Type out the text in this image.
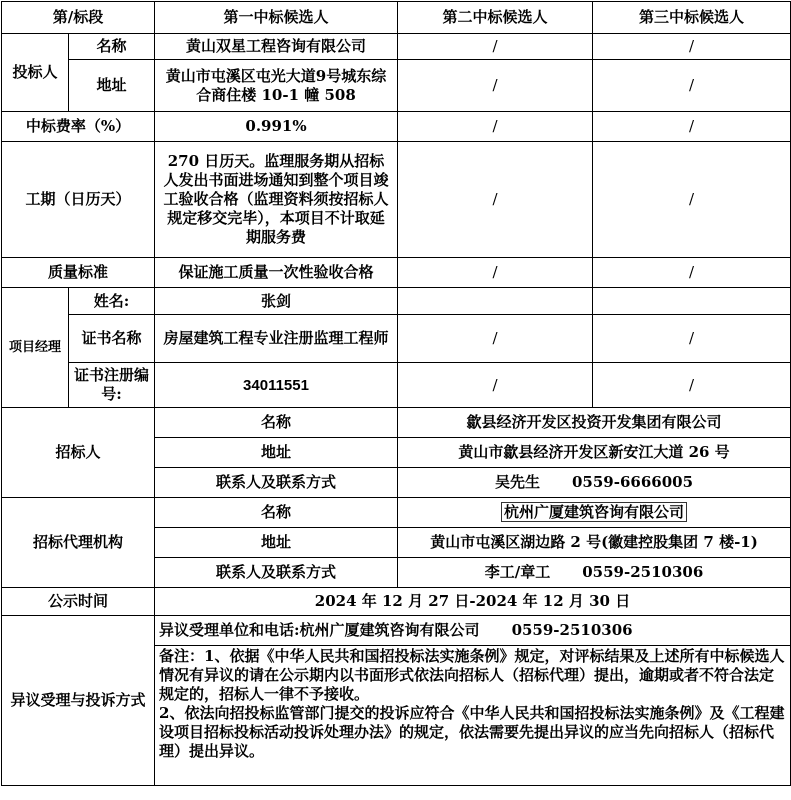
第/标段		第一中标候选人	第二中标候选人	第三中标候选人
投标人	名称	黄山双星工程咨询有限公司	/	/
	地址	黄山市屯溪区屯光大道9号城东综合商住楼 10-1 幢 508	/	/
中标费率（%）		0.991%	/	/
工期（日历天）		270 日历天。监理服务期从招标人发出书面进场通知到整个项目竣工验收合格（监理资料须按招标人规定移交完毕），本项目不计取延期服务费	/	/
质量标准		保证施工质量一次性验收合格	/	/
项目经理	姓名:	张剑		
	证书名称	房屋建筑工程专业注册监理工程师	/	/
	证书注册编号:	34011551	/	/
招标人		名称	歙县经济开发区投资开发集团有限公司	
		地址	黄山市歙县经济开发区新安江大道 26 号	
		联系人及联系方式	吴先生 0559-6666005	
招标代理机构		名称	杭州广厦建筑咨询有限公司	
		地址	黄山市屯溪区湖边路 2 号(徽建控股集团 7 楼-1)	
		联系人及联系方式	李工/章工 0559-2510306	
公示时间		2024 年 12 月 27 日-2024 年 12 月 30 日		
异议受理与投诉方式		异议受理单位和电话:杭州广厦建筑咨询有限公司 0559-2510306		

		备注：1、依据《中华人民共和国招投标法实施条例》规定，对评标结果及上述所有中标候选人情况有异议的请在公示期内以书面形式依法向招标人（招标代理）提出，逾期或者不符合法定规定的，招标人一律不予接收。
2、依法向招投标监管部门提交的投诉应符合《中华人民共和国招投标法实施条例》及《工程建设项目招标投标活动投诉处理办法》的规定，依法需要先提出异议的应当先向招标人（招标代理）提出异议。		
